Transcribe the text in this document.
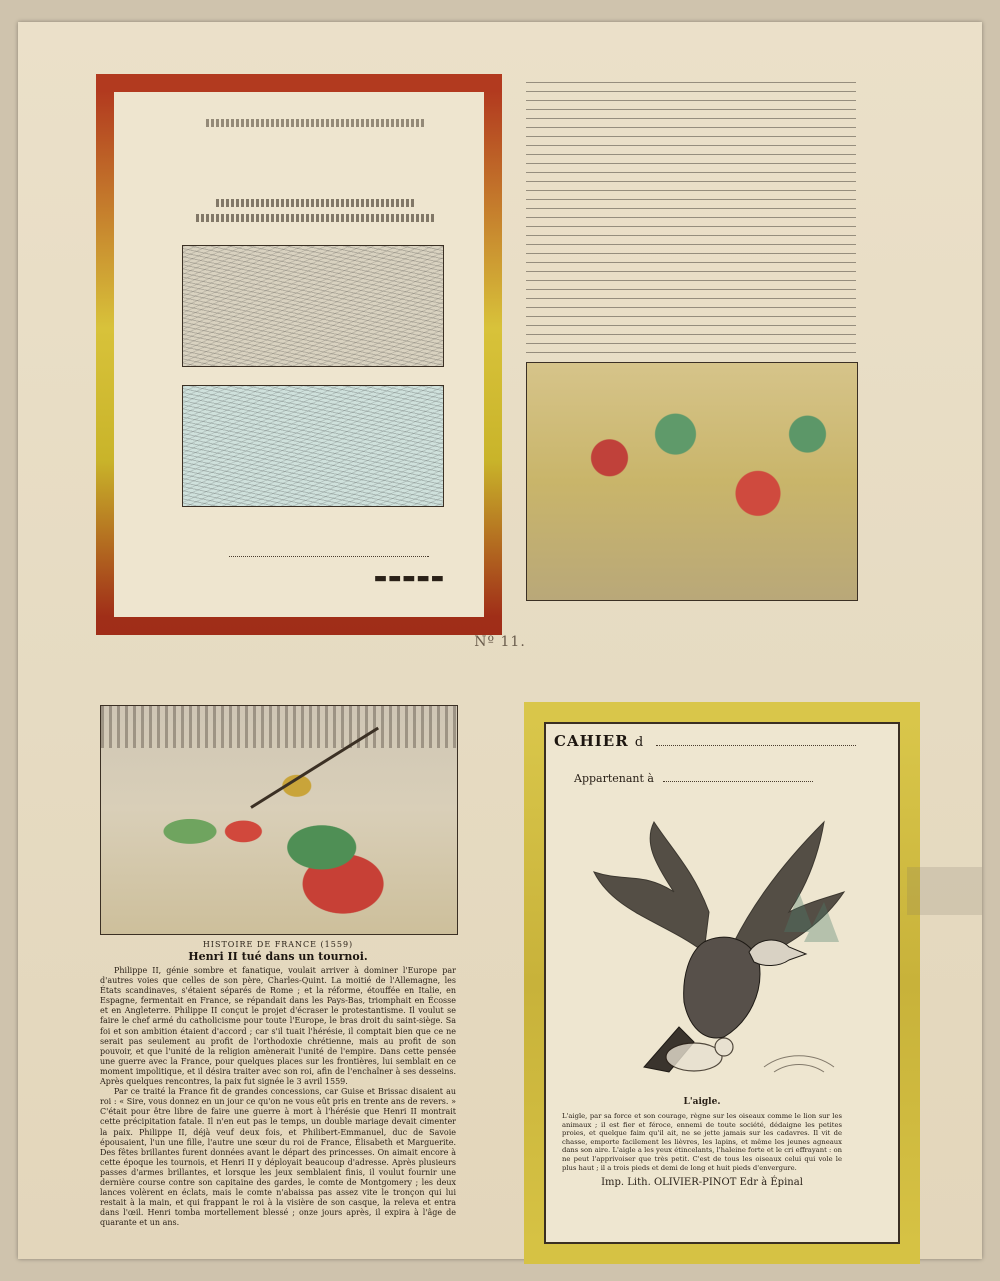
▬▬▬▬▬
Nº 11.
HISTOIRE DE FRANCE (1559)
Henri II tué dans un tournoi.

Philippe II, génie sombre et fanatique, voulait arriver à dominer l'Europe par d'autres voies que celles de son père, Charles-Quint. La moitié de l'Allemagne, les États scandinaves, s'étaient séparés de Rome ; et la réforme, étouffée en Italie, en Espagne, fermentait en France, se répandait dans les Pays-Bas, triomphait en Écosse et en Angleterre. Philippe II conçut le projet d'écraser le protestantisme. Il voulut se faire le chef armé du catholicisme pour toute l'Europe, le bras droit du saint-siège. Sa foi et son ambition étaient d'accord ; car s'il tuait l'hérésie, il comptait bien que ce ne serait pas seulement au profit de l'orthodoxie chrétienne, mais au profit de son pouvoir, et que l'unité de la religion amènerait l'unité de l'empire. Dans cette pensée une guerre avec la France, pour quelques places sur les frontières, lui semblait en ce moment impolitique, et il désira traiter avec son roi, afin de l'enchaîner à ses desseins. Après quelques rencontres, la paix fut signée le 3 avril 1559.

Par ce traité la France fit de grandes concessions, car Guise et Brissac disaient au roi : « Sire, vous donnez en un jour ce qu'on ne vous eût pris en trente ans de revers. » C'était pour être libre de faire une guerre à mort à l'hérésie que Henri II montrait cette précipitation fatale. Il n'en eut pas le temps, un double mariage devait cimenter la paix. Philippe II, déjà veuf deux fois, et Philibert-Emmanuel, duc de Savoie épousaient, l'un une fille, l'autre une sœur du roi de France, Élisabeth et Marguerite. Des fêtes brillantes furent données avant le départ des princesses. On aimait encore à cette époque les tournois, et Henri II y déployait beaucoup d'adresse. Après plusieurs passes d'armes brillantes, et lorsque les jeux semblaient finis, il voulut fournir une dernière course contre son capitaine des gardes, le comte de Montgomery ; les deux lances volèrent en éclats, mais le comte n'abaissa pas assez vite le tronçon qui lui restait à la main, et qui frappant le roi à la visière de son casque, la releva et entra dans l'œil. Henri tomba mortellement blessé ; onze jours après, il expira à l'âge de quarante et un ans.

CAHIER d
Appartenant à
L'aigle.
L'aigle, par sa force et son courage, règne sur les oiseaux comme le lion sur les animaux ; il est fier et féroce, ennemi de toute société, dédaigne les petites proies, et quelque faim qu'il ait, ne se jette jamais sur les cadavres. Il vit de chasse, emporte facilement les lièvres, les lapins, et même les jeunes agneaux dans son aire. L'aigle a les yeux étincelants, l'haleine forte et le cri effrayant : on ne peut l'apprivoiser que très petit. C'est de tous les oiseaux celui qui vole le plus haut ; il a trois pieds et demi de long et huit pieds d'envergure.
Imp. Lith. OLIVIER-PINOT Edr à Épinal
